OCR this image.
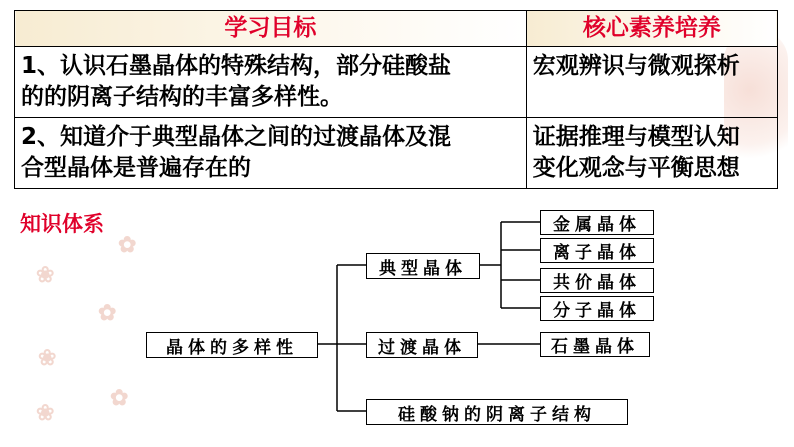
✿
❀
✿
❀
✿
❀
学习目标	核心素养培养
1、认识石墨晶体的特殊结构，部分硅酸盐
的的阴离子结构的丰富多样性。	宏观辨识与微观探析
2、知道介于典型晶体之间的过渡晶体及混
合型晶体是普遍存在的	证据推理与模型认知
变化观念与平衡思想
知识体系
晶体的多样性
典型晶体
过渡晶体
硅酸钠的阴离子结构
金属晶体
离子晶体
共价晶体
分子晶体
石墨晶体
